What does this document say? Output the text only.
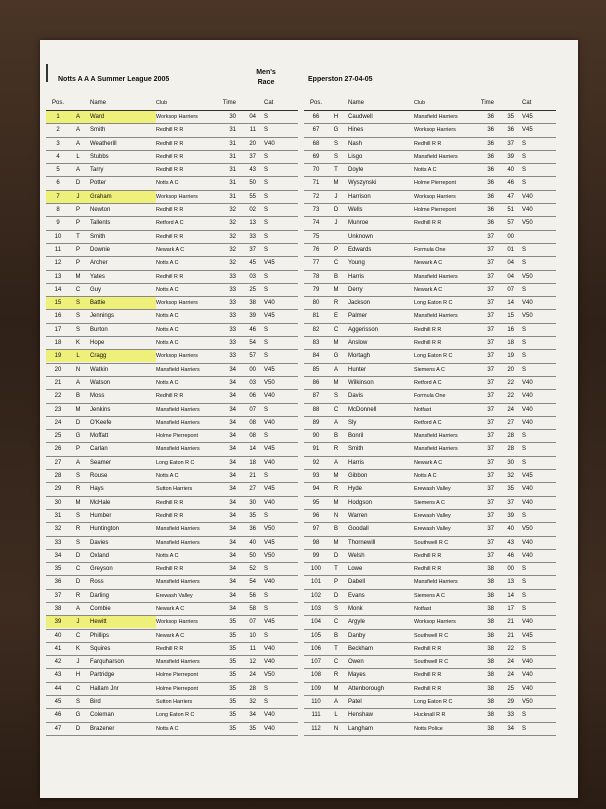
Notts A A A Summer League 2005
Men's Race	Epperston 27-04-05
Pos.	Name	Club	Time	Cat
1	A	Ward	Worksop Harriers	30	04	S
2	A	Smith	Redhill R R	31	11	S
3	A	Weatherill	Redhill R R	31	20	V40
4	L	Stubbs	Redhill R R	31	37	S
5	A	Tarry	Redhill R R	31	43	S
6	D	Potter	Notts A C	31	50	S
7	J	Graham	Worksop Harriers	31	55	S
8	P	Newton	Redhill R R	32	02	S
9	P	Tallents	Retford A C	32	13	S
10	T	Smith	Redhill R R	32	33	S
11	P	Downie	Newark A C	32	37	S
12	P	Archer	Notts A C	32	45	V45
13	M	Yates	Redhill R R	33	03	S
14	C	Guy	Notts A C	33	25	S
15	S	Battie	Worksop Harriers	33	38	V40
16	S	Jennings	Notts A C	33	39	V45
17	S	Burton	Notts A C	33	46	S
18	K	Hope	Notts A C	33	54	S
19	L	Cragg	Worksop Harriers	33	57	S
20	N	Watkin	Mansfield Harriers	34	00	V45
21	A	Watson	Notts A C	34	03	V50
22	B	Moss	Redhill R R	34	06	V40
23	M	Jenkins	Mansfield Harriers	34	07	S
24	D	O'Keefe	Mansfield Harriers	34	08	V40
25	G	Moffatt	Holme Pierrepont	34	08	S
26	P	Carlan	Mansfield Harriers	34	14	V45
27	A	Seamer	Long Eaton R C	34	18	V40
28	S	Rouse	Notts A C	34	21	S
29	R	Hays	Sutton Harriers	34	27	V45
30	M	McHale	Redhill R R	34	30	V40
31	S	Humber	Redhill R R	34	35	S
32	R	Huntington	Mansfield Harriers	34	36	V50
33	S	Davies	Mansfield Harriers	34	40	V45
34	D	Oxland	Notts A C	34	50	V50
35	C	Greyson	Redhill R R	34	52	S
36	D	Ross	Mansfield Harriers	34	54	V40
37	R	Darling	Erewash Valley	34	56	S
38	A	Combie	Newark A C	34	58	S
39	J	Hewitt	Worksop Harriers	35	07	V45
40	C	Phillips	Newark A C	35	10	S
41	K	Squires	Redhill R R	35	11	V40
42	J	Farquharson	Mansfield Harriers	35	12	V40
43	H	Partridge	Holme Pierrepont	35	24	V50
44	C	Hallam Jnr	Holme Pierrepont	35	28	S
45	S	Bird	Sutton Harriers	35	32	S
46	G	Coleman	Long Eaton R C	35	34	V40
47	D	Brazener	Notts A C	35	35	V40
Pos.	Name	Club	Time	Cat
66	H	Caudwell	Mansfield Harriers	36	35	V45
67	G	Hines	Worksop Harriers	36	36	V45
68	S	Nash	Redhill R R	36	37	S
69	S	Lisgo	Mansfield Harriers	36	39	S
70	T	Doyle	Notts A C	36	40	S
71	M	Wyszynski	Holme Pierrepont	36	46	S
72	J	Harrison	Worksop Harriers	36	47	V40
73	D	Wells	Holme Pierrepont	36	51	V40
74	J	Munroe	Redhill R R	36	57	V50
75	Unknown	37	00
76	P	Edwards	Formula One	37	01	S
77	C	Young	Newark A C	37	04	S
78	B	Harris	Mansfield Harriers	37	04	V50
79	M	Derry	Newark A C	37	07	S
80	R	Jackson	Long Eaton R C	37	14	V40
81	E	Palmer	Mansfield Harriers	37	15	V50
82	C	Aggerisson	Redhill R R	37	16	S
83	M	Anslow	Redhill R R	37	18	S
84	G	Mortagh	Long Eaton R C	37	19	S
85	A	Hunter	Siemens A C	37	20	S
86	M	Wilkinson	Retford A C	37	22	V40
87	S	Davis	Formula One	37	22	V40
88	C	McDonnell	Notfast	37	24	V40
89	A	Sly	Retford A C	37	27	V40
90	B	Bonril	Mansfield Harriers	37	28	S
91	R	Smith	Mansfield Harriers	37	28	S
92	A	Harris	Newark A C	37	30	S
93	M	Gibbon	Notts A C	37	32	V45
94	R	Hyde	Erewash Valley	37	35	V40
95	M	Hodgson	Siemens A C	37	37	V40
96	N	Warren	Erewash Valley	37	39	S
97	B	Goodall	Erewash Valley	37	40	V50
98	M	Thornewill	Southwell R C	37	43	V40
99	D	Welsh	Redhill R R	37	46	V40
100	T	Lowe	Redhill R R	38	00	S
101	P	Dabell	Mansfield Harriers	38	13	S
102	D	Evans	Siemens A C	38	14	S
103	S	Monk	Notfast	38	17	S
104	C	Argyle	Worksop Harriers	38	21	V40
105	B	Danby	Southwell R C	38	21	V45
106	T	Beckham	Redhill R R	38	22	S
107	C	Owen	Southwell R C	38	24	V40
108	R	Mayes	Redhill R R	38	24	V40
109	M	Attenborough	Redhill R R	38	25	V40
110	A	Patel	Long Eaton R C	38	29	V50
111	L	Henshaw	Hucknall R R	38	33	S
112	N	Langham	Notts Police	38	34	S
